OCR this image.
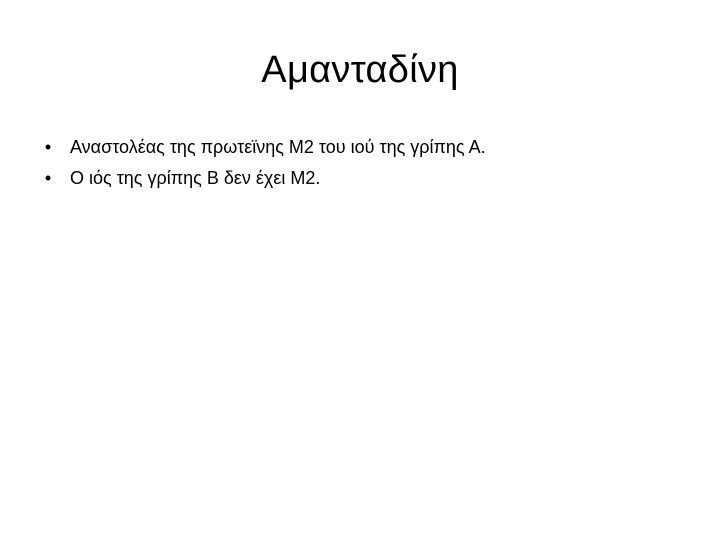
Αμανταδίνη
• Αναστολέας της πρωτεϊνης Μ2 του ιού της γρίπης Α.
• Ο ιός της γρίπης Β δεν έχει Μ2.
